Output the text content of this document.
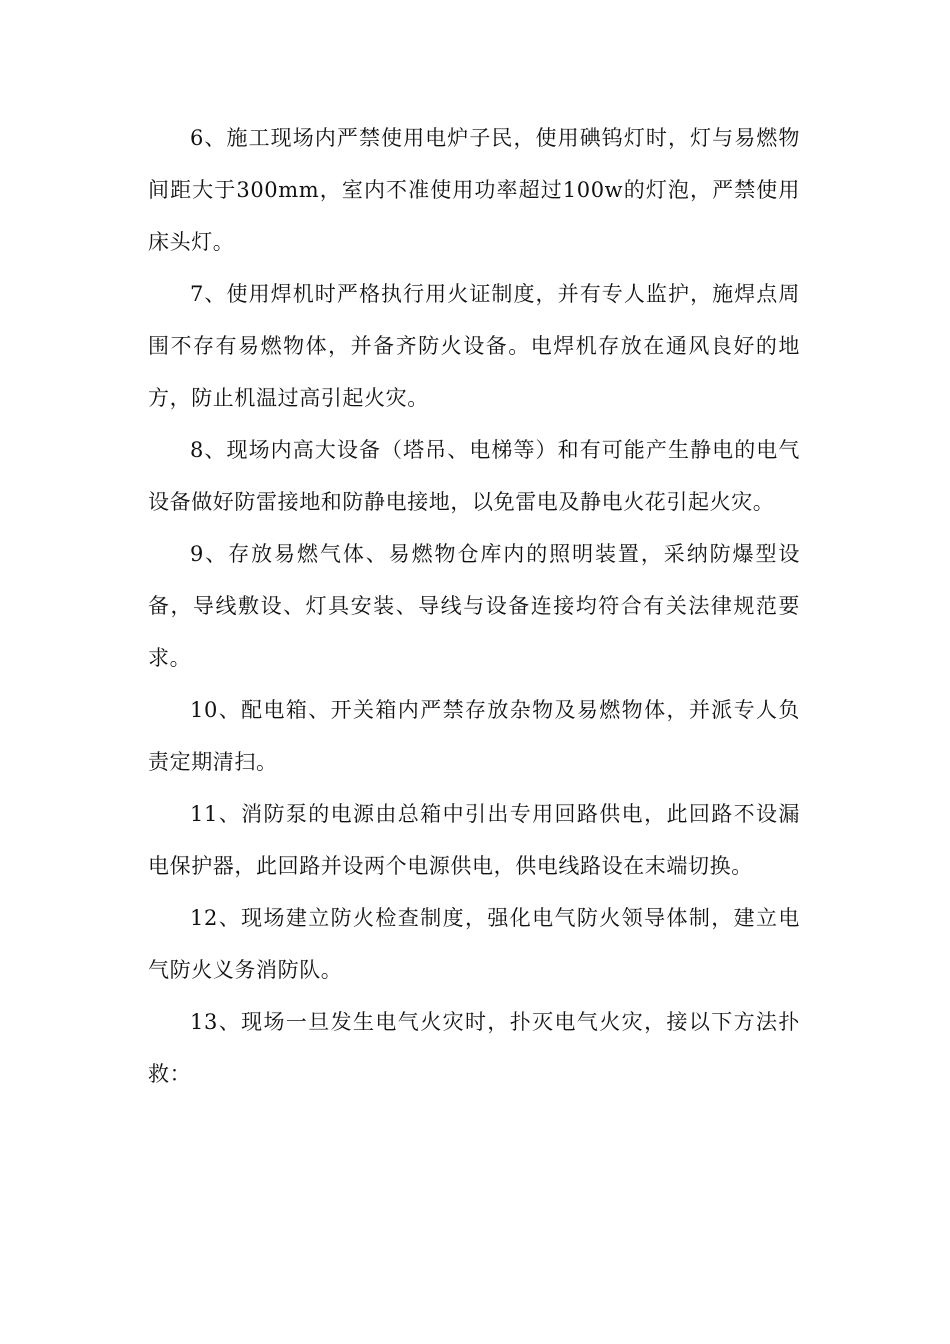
6、施工现场内严禁使用电炉子民，使用碘钨灯时，灯与易燃物间距大于300mm，室内不准使用功率超过100w的灯泡，严禁使用床头灯。

7、使用焊机时严格执行用火证制度，并有专人监护，施焊点周围不存有易燃物体，并备齐防火设备。电焊机存放在通风良好的地方，防止机温过高引起火灾。

8、现场内高大设备（塔吊、电梯等）和有可能产生静电的电气设备做好防雷接地和防静电接地，以免雷电及静电火花引起火灾。

9、存放易燃气体、易燃物仓库内的照明装置，采纳防爆型设备，导线敷设、灯具安装、导线与设备连接均符合有关法律规范要求。

10、配电箱、开关箱内严禁存放杂物及易燃物体，并派专人负责定期清扫。

11、消防泵的电源由总箱中引出专用回路供电，此回路不设漏电保护器，此回路并设两个电源供电，供电线路设在末端切换。

12、现场建立防火检查制度，强化电气防火领导体制，建立电气防火义务消防队。

13、现场一旦发生电气火灾时，扑灭电气火灾，接以下方法扑救：
